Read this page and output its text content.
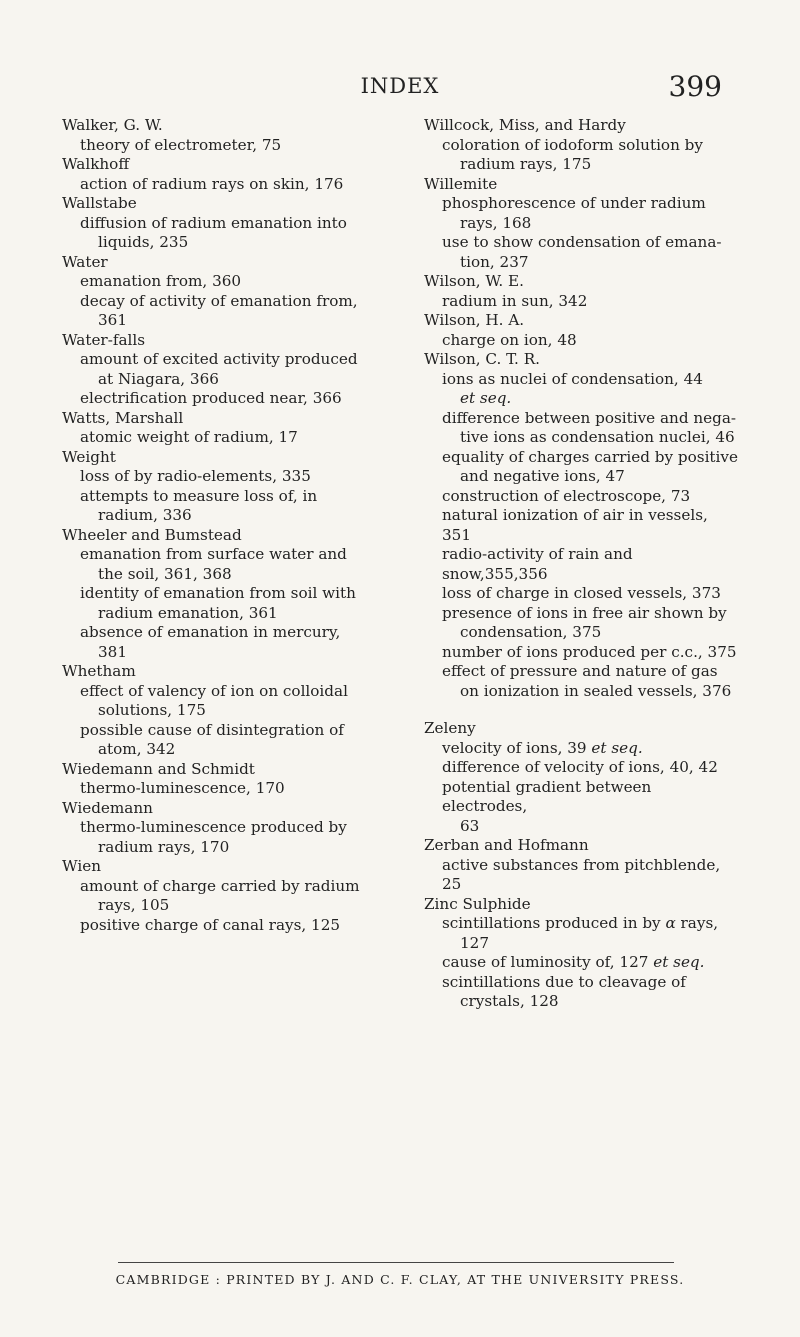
INDEX	399
Walker, G. W.
theory of electrometer, 75
Walkhoff
action of radium rays on skin, 176
Wallstabe
diffusion of radium emanation into
liquids, 235
Water
emanation from, 360
decay of activity of emanation from,
361
Water-falls
amount of excited activity produced
at Niagara, 366
electrification produced near, 366
Watts, Marshall
atomic weight of radium, 17
Weight
loss of by radio-elements, 335
attempts to measure loss of, in
radium, 336
Wheeler and Bumstead
emanation from surface water and
the soil, 361, 368
identity of emanation from soil with
radium emanation, 361
absence of emanation in mercury,
381
Whetham
effect of valency of ion on colloidal
solutions, 175
possible cause of disintegration of
atom, 342
Wiedemann and Schmidt
thermo-luminescence, 170
Wiedemann
thermo-luminescence produced by
radium rays, 170
Wien
amount of charge carried by radium
rays, 105
positive charge of canal rays, 125
Willcock, Miss, and Hardy
coloration of iodoform solution by
radium rays, 175
Willemite
phosphorescence of under radium
rays, 168
use to show condensation of emana-
tion, 237
Wilson, W. E.
radium in sun, 342
Wilson, H. A.
charge on ion, 48
Wilson, C. T. R.
ions as nuclei of condensation, 44
et seq.
difference between positive and nega-
tive ions as condensation nuclei, 46
equality of charges carried by positive
and negative ions, 47
construction of electroscope, 73
natural ionization of air in vessels, 351
radio-activity of rain and snow,355,356
loss of charge in closed vessels, 373
presence of ions in free air shown by
condensation, 375
number of ions produced per c.c., 375
effect of pressure and nature of gas
on ionization in sealed vessels, 376
Zeleny
velocity of ions, 39 et seq.
difference of velocity of ions, 40, 42
potential gradient between electrodes,
63
Zerban and Hofmann
active substances from pitchblende, 25
Zinc Sulphide
scintillations produced in by α rays,
127
cause of luminosity of, 127 et seq.
scintillations due to cleavage of
crystals, 128
CAMBRIDGE : PRINTED BY J. AND C. F. CLAY, AT THE UNIVERSITY PRESS.
